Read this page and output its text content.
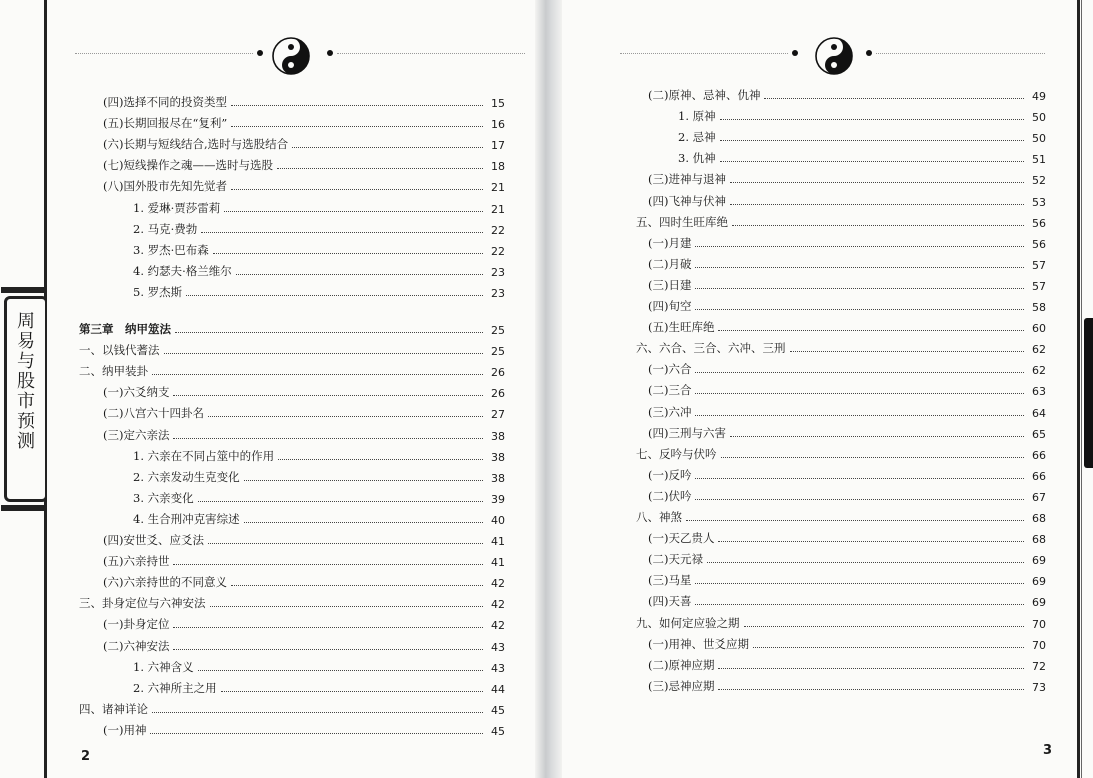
周易与股市预测
(四)选择不同的投资类型	15
(五)长期回报尽在“复利”	16
(六)长期与短线结合,选时与选股结合	17
(七)短线操作之魂——选时与选股	18
(八)国外股市先知先觉者	21
1. 爱琳·贾莎雷莉	21
2. 马克·费勃	22
3. 罗杰·巴布森	22
4. 约瑟夫·格兰维尔	23
5. 罗杰斯	23
第三章　纳甲筮法	25
一、以钱代蓍法	25
二、纳甲装卦	26
(一)六爻纳支	26
(二)八宫六十四卦名	27
(三)定六亲法	38
1. 六亲在不同占筮中的作用	38
2. 六亲发动生克变化	38
3. 六亲变化	39
4. 生合刑冲克害综述	40
(四)安世爻、应爻法	41
(五)六亲持世	41
(六)六亲持世的不同意义	42
三、卦身定位与六神安法	42
(一)卦身定位	42
(二)六神安法	43
1. 六神含义	43
2. 六神所主之用	44
四、诸神详论	45
(一)用神	45
2
(二)原神、忌神、仇神	49
1. 原神	50
2. 忌神	50
3. 仇神	51
(三)进神与退神	52
(四)飞神与伏神	53
五、四时生旺库绝	56
(一)月建	56
(二)月破	57
(三)日建	57
(四)旬空	58
(五)生旺库绝	60
六、六合、三合、六冲、三刑	62
(一)六合	62
(二)三合	63
(三)六冲	64
(四)三刑与六害	65
七、反吟与伏吟	66
(一)反吟	66
(二)伏吟	67
八、神煞	68
(一)天乙贵人	68
(二)天元禄	69
(三)马星	69
(四)天喜	69
九、如何定应验之期	70
(一)用神、世爻应期	70
(二)原神应期	72
(三)忌神应期	73
3
